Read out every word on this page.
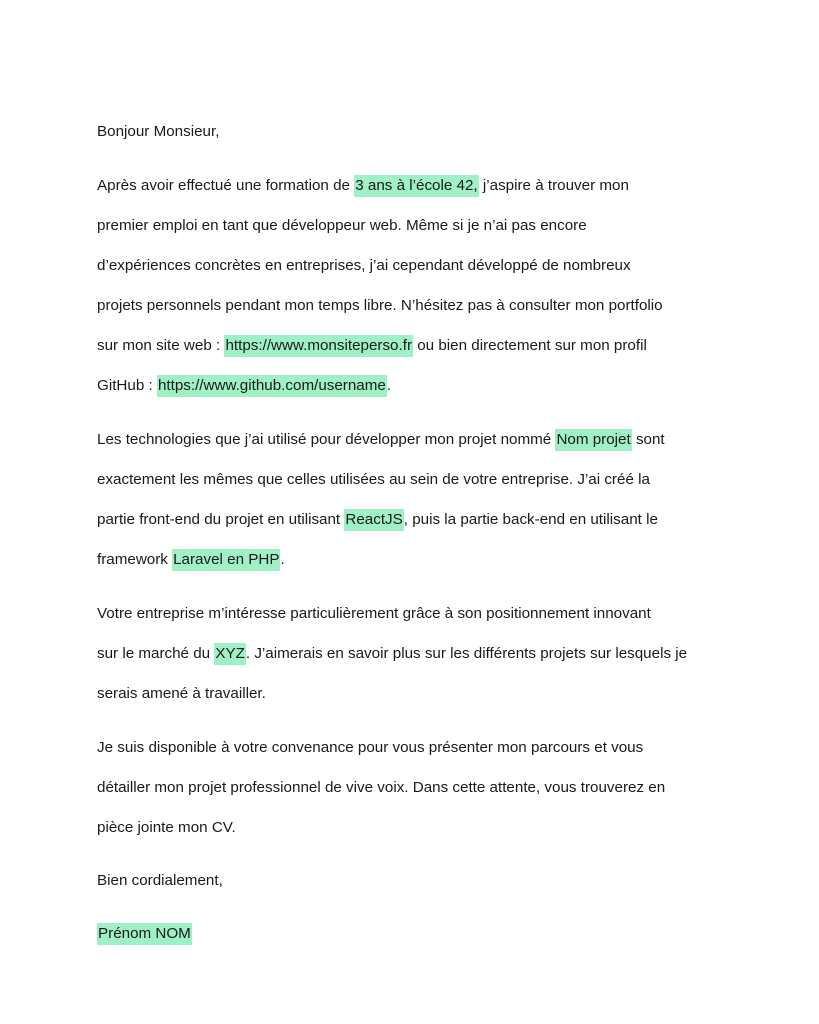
Bonjour Monsieur,

Après avoir effectué une formation de 3 ans à l’école 42, j’aspire à trouver mon
premier emploi en tant que développeur web. Même si je n’ai pas encore
d’expériences concrètes en entreprises, j’ai cependant développé de nombreux
projets personnels pendant mon temps libre. N’hésitez pas à consulter mon portfolio
sur mon site web : https://www.monsiteperso.fr ou bien directement sur mon profil
GitHub : https://www.github.com/username.

Les technologies que j’ai utilisé pour développer mon projet nommé Nom projet sont
exactement les mêmes que celles utilisées au sein de votre entreprise. J’ai créé la
partie front-end du projet en utilisant ReactJS, puis la partie back-end en utilisant le
framework Laravel en PHP.

Votre entreprise m’intéresse particulièrement grâce à son positionnement innovant
sur le marché du XYZ. J’aimerais en savoir plus sur les différents projets sur lesquels je
serais amené à travailler.

Je suis disponible à votre convenance pour vous présenter mon parcours et vous
détailler mon projet professionnel de vive voix. Dans cette attente, vous trouverez en
pièce jointe mon CV.

Bien cordialement,

Prénom NOM
